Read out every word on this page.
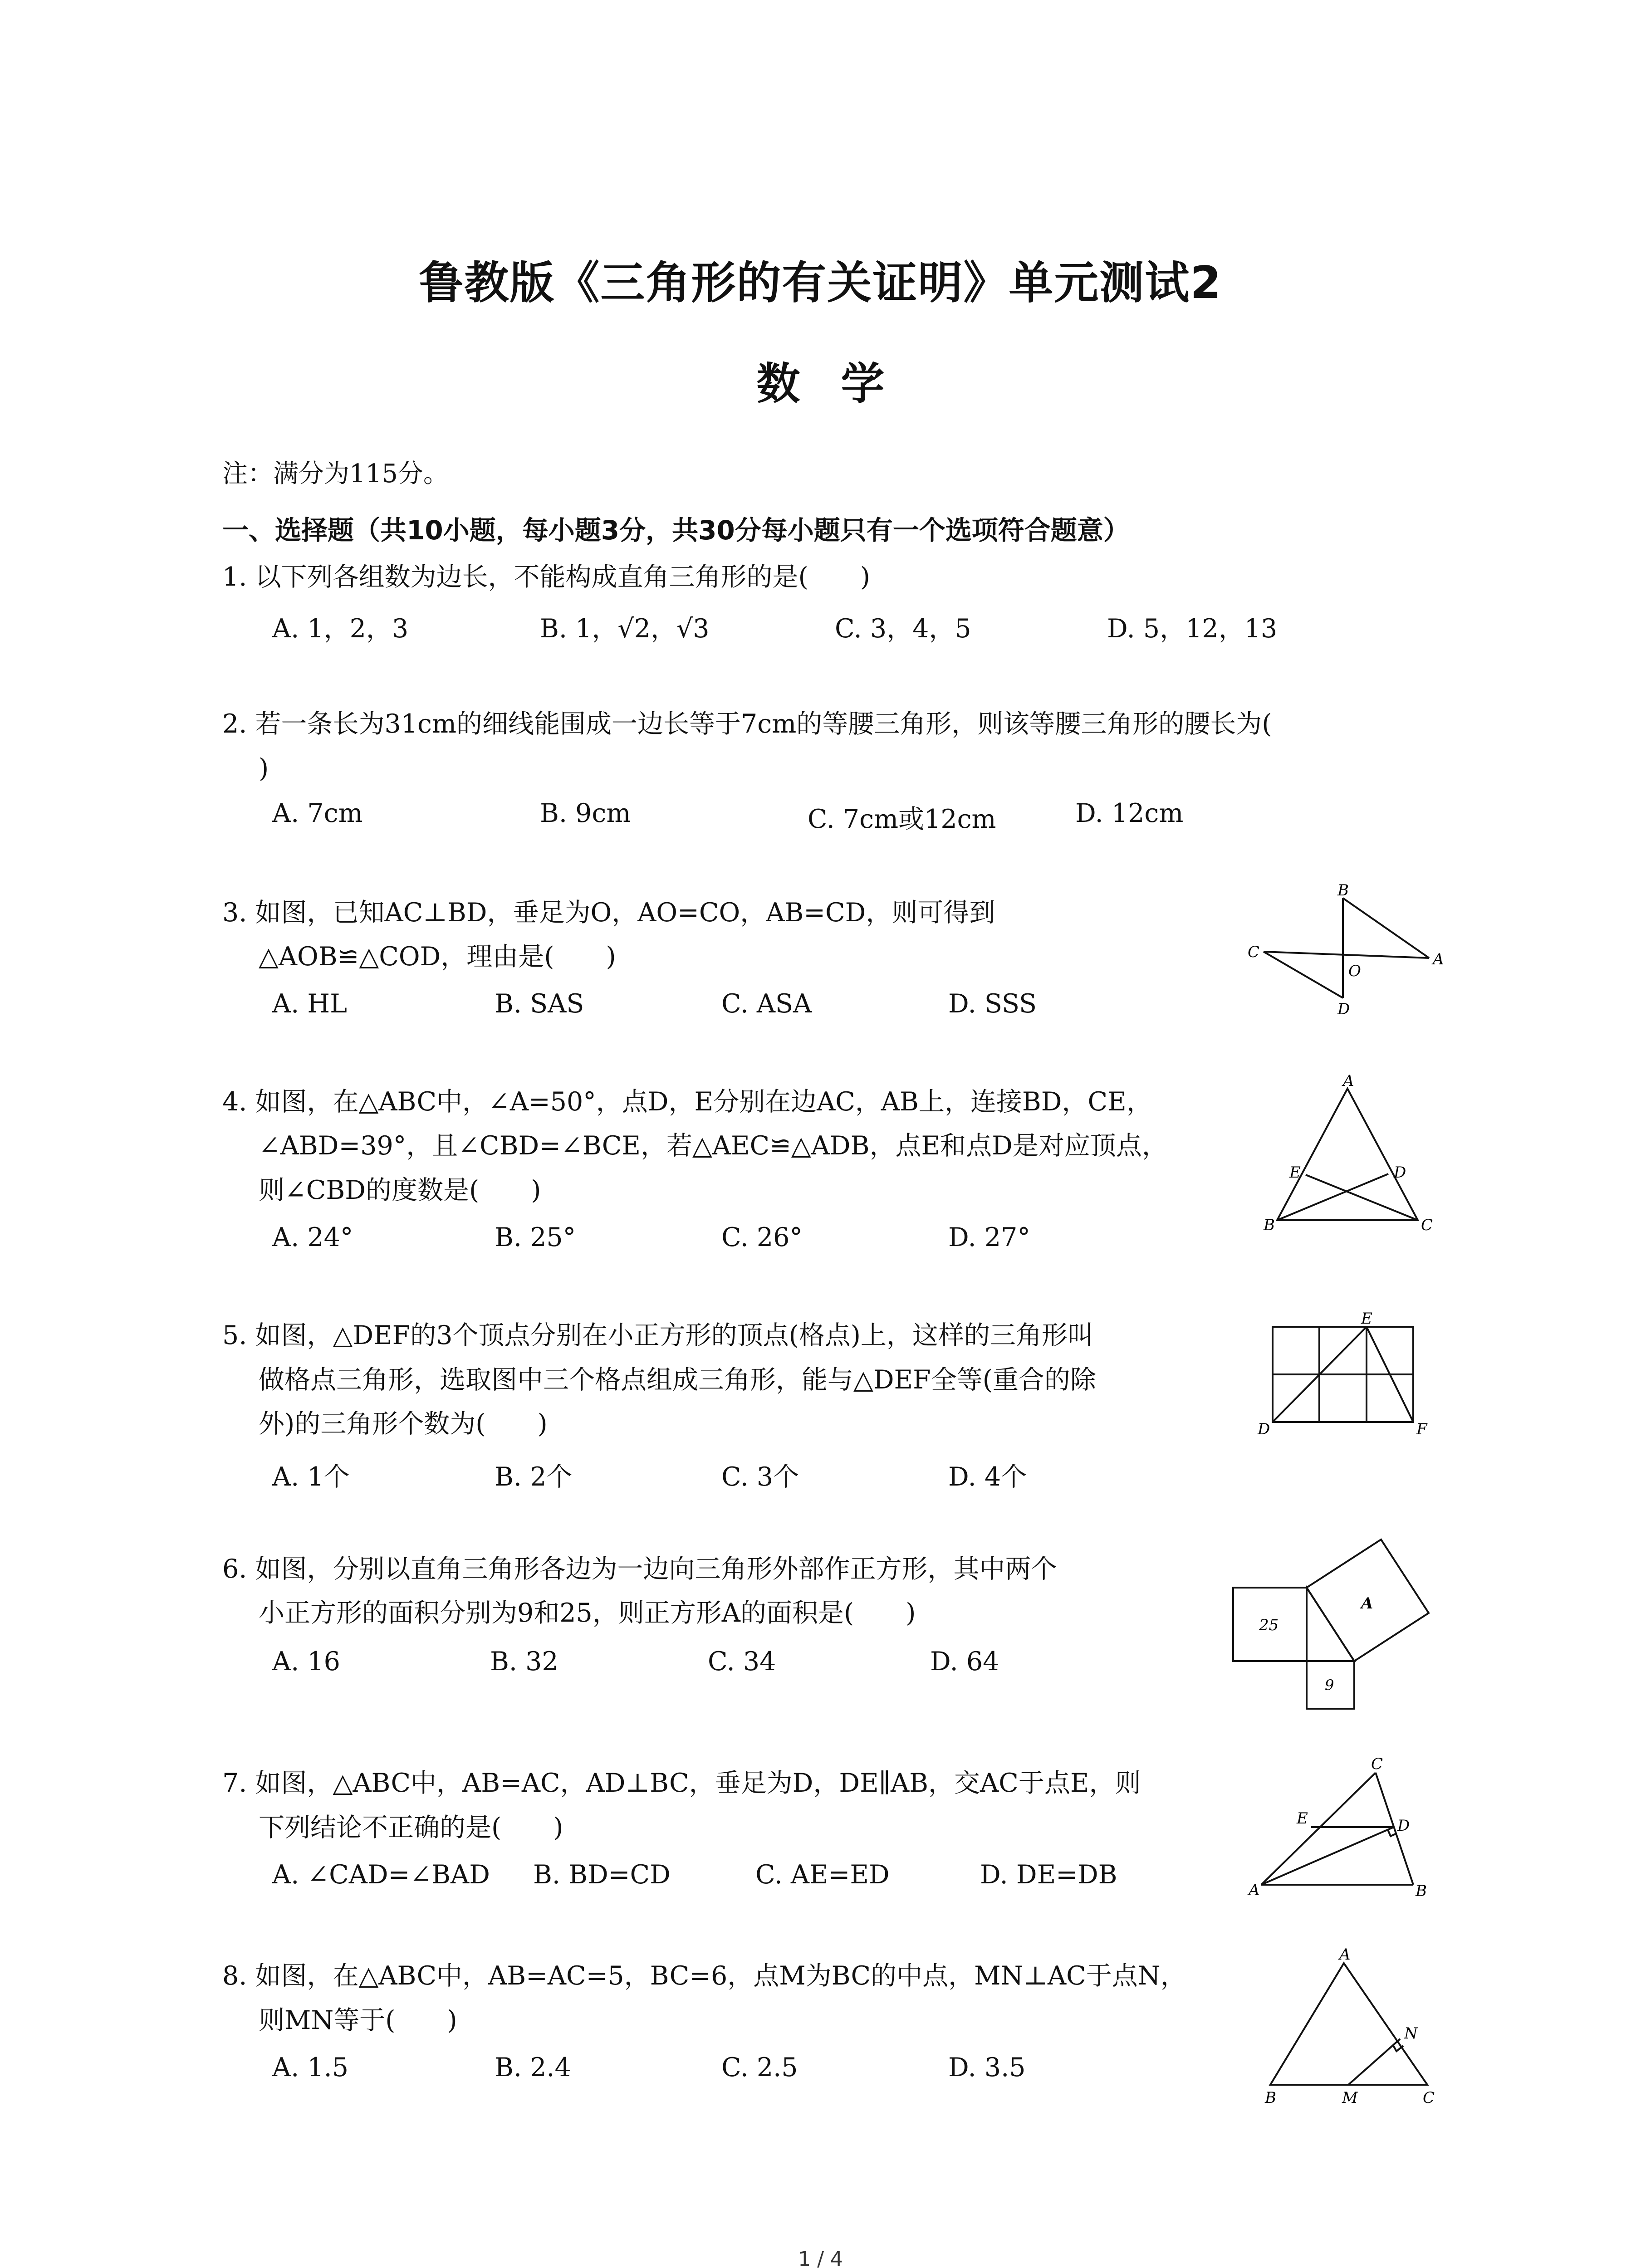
鲁教版《三角形的有关证明》单元测试2
数学
注：满分为115分。
一、选择题（共10小题，每小题3分，共30分每小题只有一个选项符合题意）
1. 以下列各组数为边长，不能构成直角三角形的是(　　)
A. 1，2，3	B. 1，√2，√3	C. 3，4，5	D. 5，12，13
2. 若一条长为31cm的细线能围成一边长等于7cm的等腰三角形，则该等腰三角形的腰长为(
)
A. 7cm	B. 9cm	C. 7cm或12cm	D. 12cm
3. 如图，已知AC⊥BD，垂足为O，AO=CO，AB=CD，则可得到
△AOB≌△COD，理由是(　　)
A. HL	B. SAS	C. ASA	D. SSS
B
C
O
A
D
4. 如图，在△ABC中，∠A=50°，点D，E分别在边AC，AB上，连接BD，CE，
∠ABD=39°，且∠CBD=∠BCE，若△AEC≌△ADB，点E和点D是对应顶点，
则∠CBD的度数是(　　)
A. 24°	B. 25°	C. 26°	D. 27°
A
E	D
B	C
5. 如图，△DEF的3个顶点分别在小正方形的顶点(格点)上，这样的三角形叫
做格点三角形，选取图中三个格点组成三角形，能与△DEF全等(重合的除
外)的三角形个数为(　　)
A. 1个	B. 2个	C. 3个	D. 4个
E
D	F
6. 如图，分别以直角三角形各边为一边向三角形外部作正方形，其中两个
小正方形的面积分别为9和25，则正方形A的面积是(　　)
A. 16	B. 32	C. 34	D. 64
25
A
9
7. 如图，△ABC中，AB=AC，AD⊥BC，垂足为D，DE∥AB，交AC于点E，则
下列结论不正确的是(　　)
A. ∠CAD=∠BAD B. BD=CD	C. AE=ED	D. DE=DB
C
E	D
A	B
8. 如图，在△ABC中，AB=AC=5，BC=6，点M为BC的中点，MN⊥AC于点N，
则MN等于(　　)
A. 1.5	B. 2.4	C. 2.5	D. 3.5
A
N
B	M	C
1 / 4
